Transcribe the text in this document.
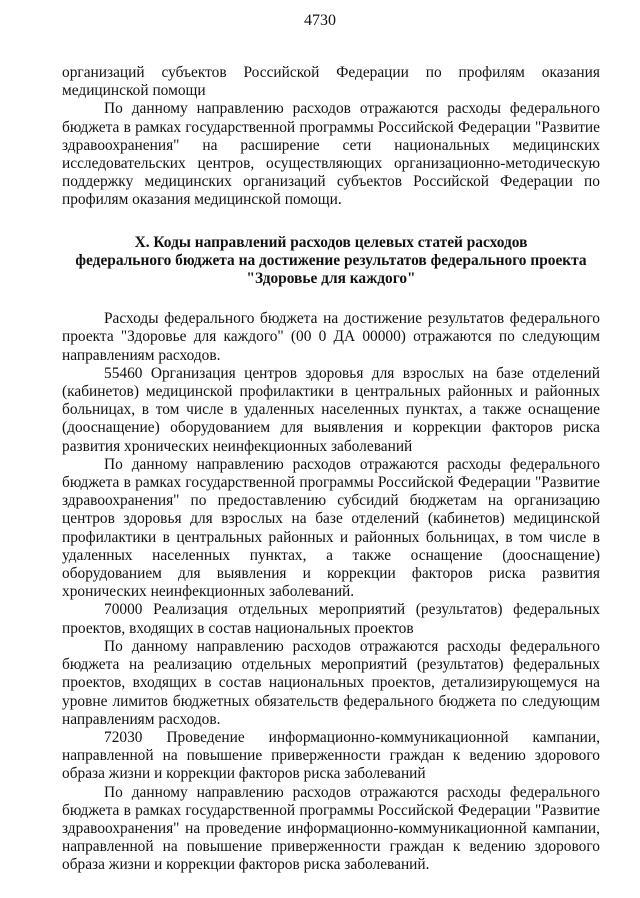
4730

организаций субъектов Российской Федерации по профилям оказания медицинской помощи

По данному направлению расходов отражаются расходы федерального бюджета в рамках государственной программы Российской Федерации "Развитие здравоохранения" на расширение сети национальных медицинских исследовательских центров, осуществляющих организационно-методическую поддержку медицинских организаций субъектов Российской Федерации по профилям оказания медицинской помощи.

X. Коды направлений расходов целевых статей расходов
федерального бюджета на достижение результатов федерального проекта
"Здоровье для каждого"

Расходы федерального бюджета на достижение результатов федерального проекта "Здоровье для каждого" (00 0 ДА 00000) отражаются по следующим направлениям расходов.

55460 Организация центров здоровья для взрослых на базе отделений (кабинетов) медицинской профилактики в центральных районных и районных больницах, в том числе в удаленных населенных пунктах, а также оснащение (дооснащение) оборудованием для выявления и коррекции факторов риска развития хронических неинфекционных заболеваний

По данному направлению расходов отражаются расходы федерального бюджета в рамках государственной программы Российской Федерации "Развитие здравоохранения" по предоставлению субсидий бюджетам на организацию центров здоровья для взрослых на базе отделений (кабинетов) медицинской профилактики в центральных районных и районных больницах, в том числе в удаленных населенных пунктах, а также оснащение (дооснащение) оборудованием для выявления и коррекции факторов риска развития хронических неинфекционных заболеваний.

70000 Реализация отдельных мероприятий (результатов) федеральных проектов, входящих в состав национальных проектов

По данному направлению расходов отражаются расходы федерального бюджета на реализацию отдельных мероприятий (результатов) федеральных проектов, входящих в состав национальных проектов, детализирующемуся на уровне лимитов бюджетных обязательств федерального бюджета по следующим направлениям расходов.

72030 Проведение информационно-коммуникационной кампании, направленной на повышение приверженности граждан к ведению здорового образа жизни и коррекции факторов риска заболеваний

По данному направлению расходов отражаются расходы федерального бюджета в рамках государственной программы Российской Федерации "Развитие здравоохранения" на проведение информационно-коммуникационной кампании, направленной на повышение приверженности граждан к ведению здорового образа жизни и коррекции факторов риска заболеваний.
